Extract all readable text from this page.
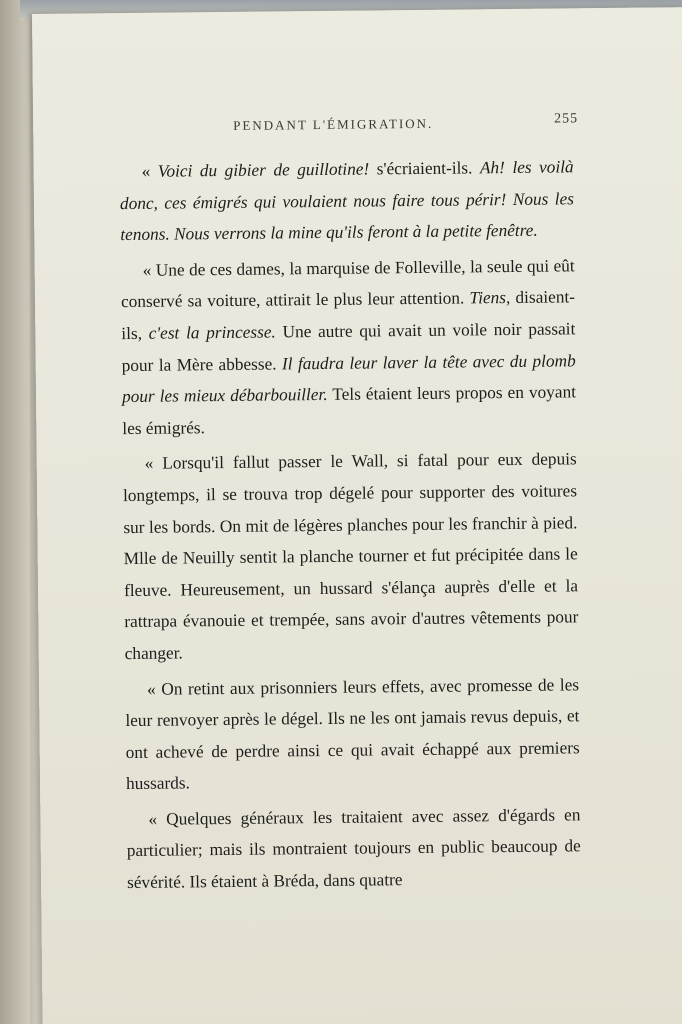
PENDANT L'ÉMIGRATION.	255

« Voici du gibier de guillotine! s'écriaient-ils. Ah! les voilà donc, ces émigrés qui voulaient nous faire tous périr! Nous les tenons. Nous verrons la mine qu'ils feront à la petite fenêtre.

« Une de ces dames, la marquise de Folleville, la seule qui eût conservé sa voiture, attirait le plus leur attention. Tiens, disaient-ils, c'est la princesse. Une autre qui avait un voile noir passait pour la Mère abbesse. Il faudra leur laver la tête avec du plomb pour les mieux débarbouiller. Tels étaient leurs propos en voyant les émigrés.

« Lorsqu'il fallut passer le Wall, si fatal pour eux depuis longtemps, il se trouva trop dégelé pour supporter des voitures sur les bords. On mit de légères planches pour les franchir à pied. Mlle de Neuilly sentit la planche tourner et fut précipitée dans le fleuve. Heureusement, un hussard s'élança auprès d'elle et la rattrapa évanouie et trempée, sans avoir d'autres vêtements pour changer.

« On retint aux prisonniers leurs effets, avec promesse de les leur renvoyer après le dégel. Ils ne les ont jamais revus depuis, et ont achevé de perdre ainsi ce qui avait échappé aux premiers hussards.

« Quelques généraux les traitaient avec assez d'égards en particulier; mais ils montraient toujours en public beaucoup de sévérité. Ils étaient à Bréda, dans quatre
